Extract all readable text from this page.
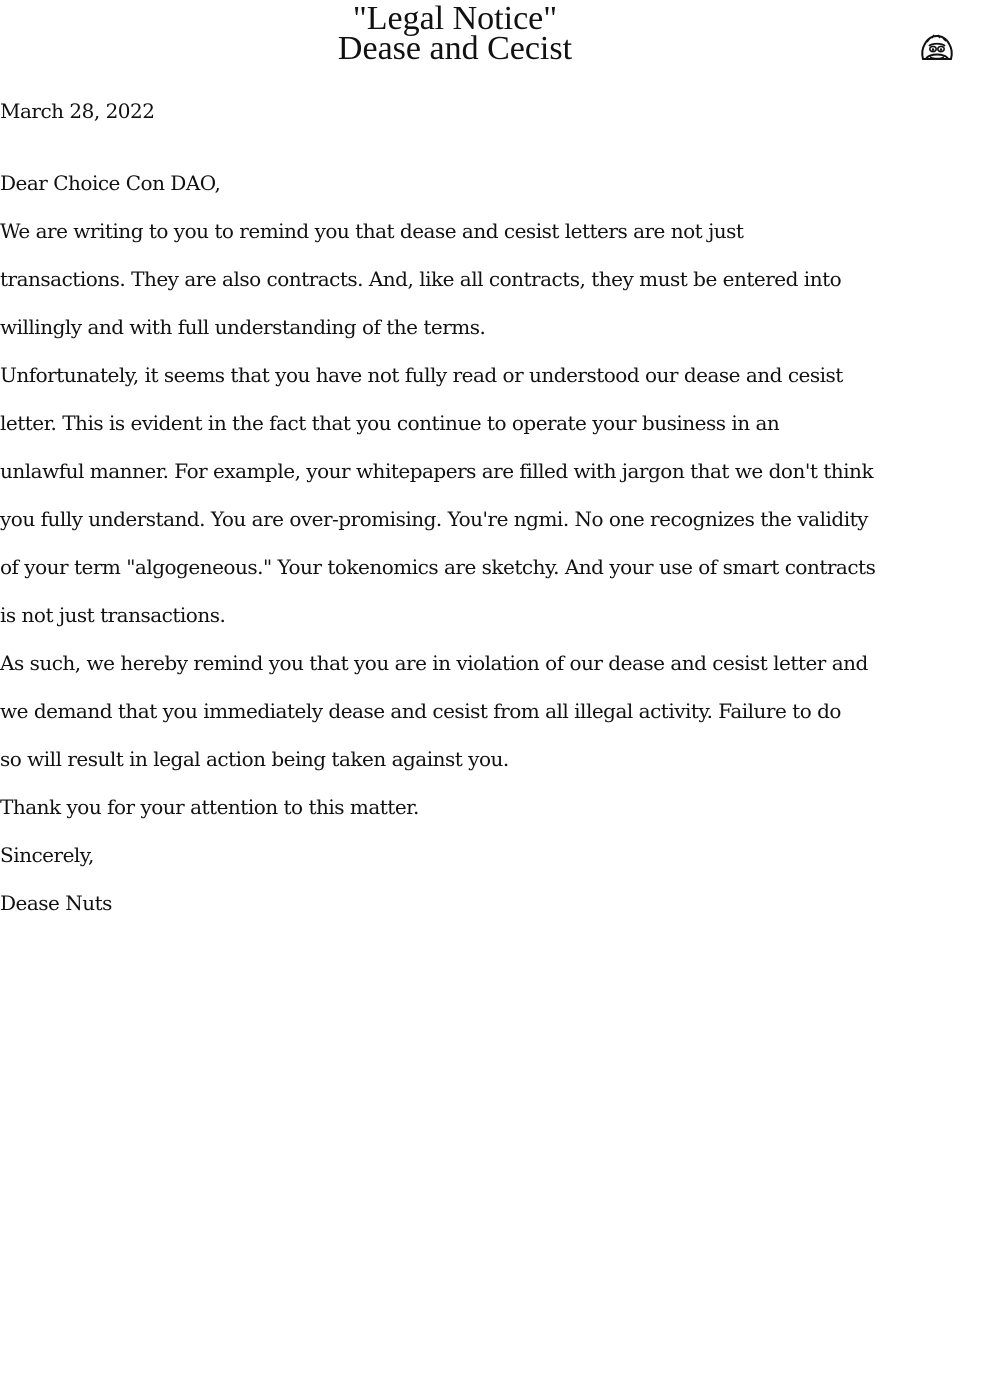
"Legal Notice"
Dease and Cecist
March 28, 2022
Dear Choice Con DAO,
We are writing to you to remind you that dease and cesist letters are not just
transactions. They are also contracts. And, like all contracts, they must be entered into
willingly and with full understanding of the terms.
Unfortunately, it seems that you have not fully read or understood our dease and cesist
letter. This is evident in the fact that you continue to operate your business in an
unlawful manner. For example, your whitepapers are filled with jargon that we don't think
you fully understand. You are over-promising. You're ngmi. No one recognizes the validity
of your term "algogeneous." Your tokenomics are sketchy. And your use of smart contracts
is not just transactions.
As such, we hereby remind you that you are in violation of our dease and cesist letter and
we demand that you immediately dease and cesist from all illegal activity. Failure to do
so will result in legal action being taken against you.
Thank you for your attention to this matter.
Sincerely,
Dease Nuts
